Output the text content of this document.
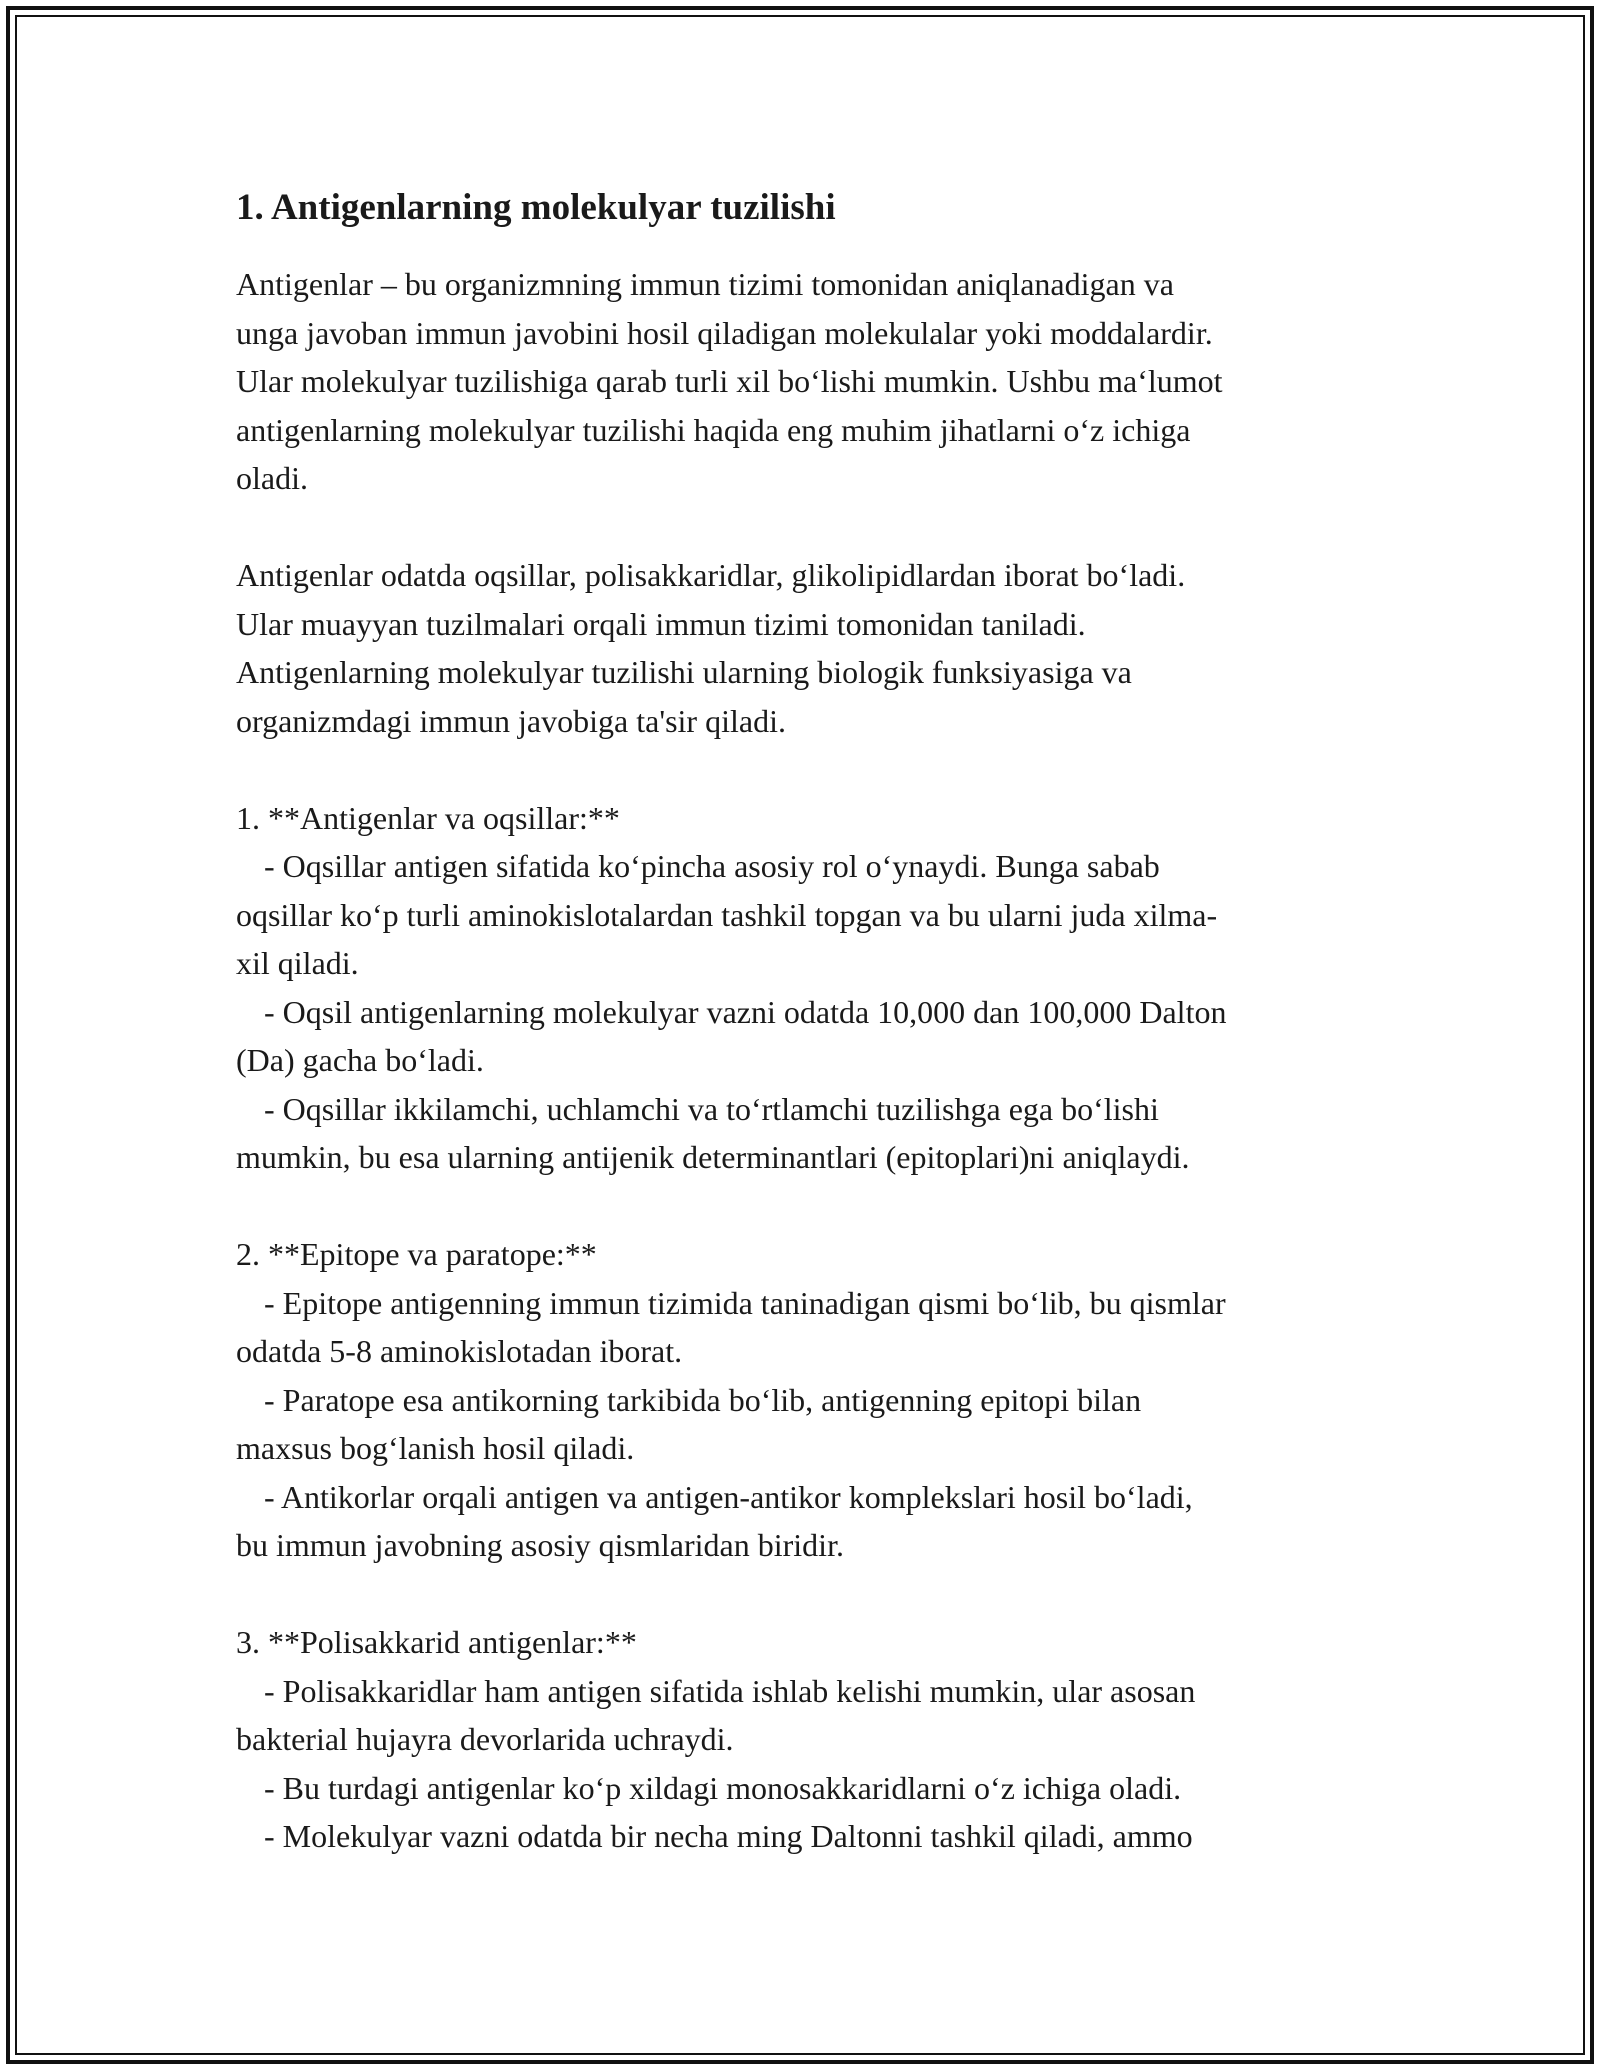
1. Antigenlarning molekulyar tuzilishi

Antigenlar – bu organizmning immun tizimi tomonidan aniqlanadigan va
unga javoban immun javobini hosil qiladigan molekulalar yoki moddalardir.
Ular molekulyar tuzilishiga qarab turli xil bo‘lishi mumkin. Ushbu ma‘lumot
antigenlarning molekulyar tuzilishi haqida eng muhim jihatlarni o‘z ichiga
oladi.

Antigenlar odatda oqsillar, polisakkaridlar, glikolipidlardan iborat bo‘ladi.
Ular muayyan tuzilmalari orqali immun tizimi tomonidan taniladi.
Antigenlarning molekulyar tuzilishi ularning biologik funksiyasiga va
organizmdagi immun javobiga ta'sir qiladi.

1. **Antigenlar va oqsillar:**
- Oqsillar antigen sifatida ko‘pincha asosiy rol o‘ynaydi. Bunga sabab
oqsillar ko‘p turli aminokislotalardan tashkil topgan va bu ularni juda xilma-
xil qiladi.
- Oqsil antigenlarning molekulyar vazni odatda 10,000 dan 100,000 Dalton
(Da) gacha bo‘ladi.
- Oqsillar ikkilamchi, uchlamchi va to‘rtlamchi tuzilishga ega bo‘lishi
mumkin, bu esa ularning antijenik determinantlari (epitoplari)ni aniqlaydi.
2. **Epitope va paratope:**
- Epitope antigenning immun tizimida taninadigan qismi bo‘lib, bu qismlar
odatda 5-8 aminokislotadan iborat.
- Paratope esa antikorning tarkibida bo‘lib, antigenning epitopi bilan
maxsus bog‘lanish hosil qiladi.
- Antikorlar orqali antigen va antigen-antikor komplekslari hosil bo‘ladi,
bu immun javobning asosiy qismlaridan biridir.
3. **Polisakkarid antigenlar:**
- Polisakkaridlar ham antigen sifatida ishlab kelishi mumkin, ular asosan
bakterial hujayra devorlarida uchraydi.
- Bu turdagi antigenlar ko‘p xildagi monosakkaridlarni o‘z ichiga oladi.
- Molekulyar vazni odatda bir necha ming Daltonni tashkil qiladi, ammo
